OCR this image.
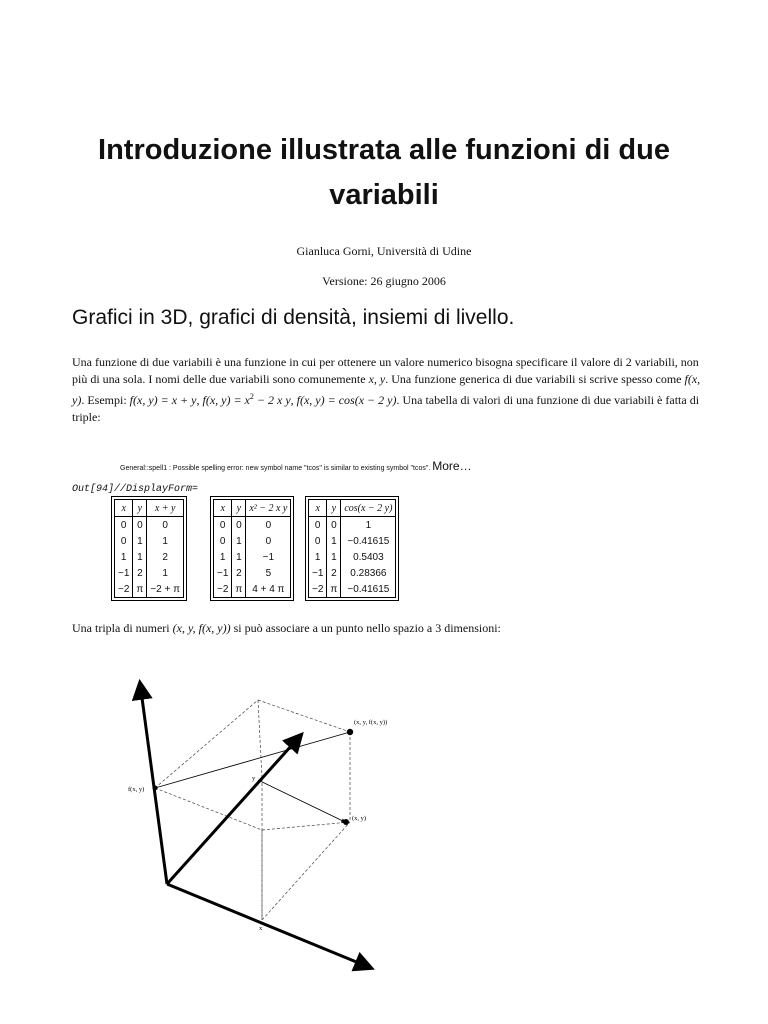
Introduzione illustrata alle funzioni di due variabili
Gianluca Gorni, Università di Udine
Versione: 26 giugno 2006
Grafici in 3D, grafici di densità, insiemi di livello.

Una funzione di due variabili è una funzione in cui per ottenere un valore numerico bisogna specificare il valore di 2 variabili, non più di una sola. I nomi delle due variabili sono comunemente x, y. Una funzione generica di due variabili si scrive spesso come f(x, y). Esempi: f(x, y) = x + y, f(x, $y) = x^2 - 2$ x y, f(x, y) = cos(x − 2 y). Una tabella di valori di una funzione di due variabili è fatta di triple:

General::spell1 : Possible spelling error: new symbol name "tcos" is similar to existing symbol "tcos". More…
Out[94]//DisplayForm=
x	y	x + y
0	0	0
0	1	1
1	1	2
−1	2	1
−2	π	−2 + π
x	y	x² − 2 x y
0	0	0
0	1	0
1	1	−1
−1	2	5
−2	π	4 + 4 π
x	y	cos(x − 2 y)
0	0	1
0	1	−0.41615
1	1	0.5403
−1	2	0.28366
−2	π	−0.41615

Una tripla di numeri (x, y, f(x, y)) si può associare a un punto nello spazio a 3 dimensioni:

(x, y, f(x, y))
(x, y)
f(x, y)
y
x
